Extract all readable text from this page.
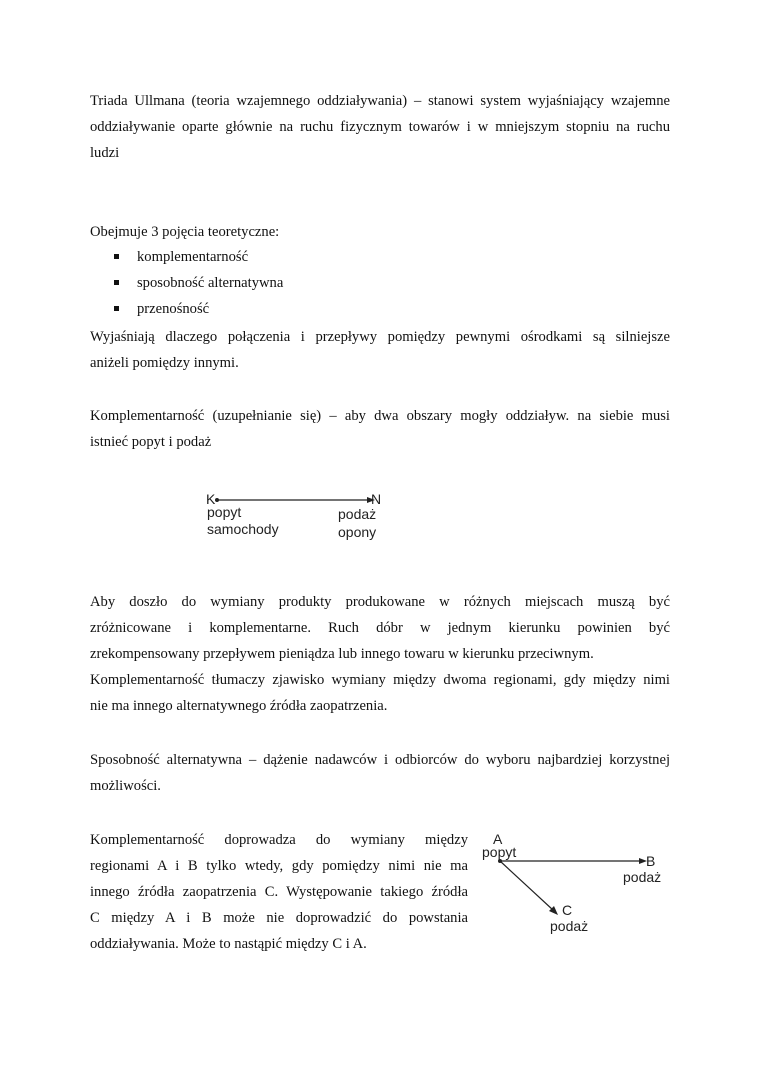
Triada Ullmana (teoria wzajemnego oddziaływania) – stanowi system wyjaśniający wzajemne
oddziaływanie oparte głównie na ruchu fizycznym towarów i w mniejszym stopniu na ruchu
ludzi
Obejmuje 3 pojęcia teoretyczne:
komplementarność
sposobność alternatywna
przenośność
Wyjaśniają dlaczego połączenia i przepływy pomiędzy pewnymi ośrodkami są silniejsze
aniżeli pomiędzy innymi.
Komplementarność (uzupełnianie się) – aby dwa obszary mogły oddziaływ. na siebie musi
istnieć popyt i podaż
K	N
popyt
samochody
podaż
opony
Aby doszło do wymiany produkty produkowane w różnych miejscach muszą być
zróżnicowane i komplementarne. Ruch dóbr w jednym kierunku powinien być
zrekompensowany przepływem pieniądza lub innego towaru w kierunku przeciwnym.
Komplementarność tłumaczy zjawisko wymiany między dwoma regionami, gdy między nimi
nie ma innego alternatywnego źródła zaopatrzenia.
Sposobność alternatywna – dążenie nadawców i odbiorców do wyboru najbardziej korzystnej
możliwości.
Komplementarność doprowadza do wymiany między
regionami A i B tylko wtedy, gdy pomiędzy nimi nie ma
innego źródła zaopatrzenia C. Występowanie takiego źródła
C między A i B może nie doprowadzić do powstania
oddziaływania. Może to nastąpić między C i A.
A
popyt
B
podaż
C
podaż
